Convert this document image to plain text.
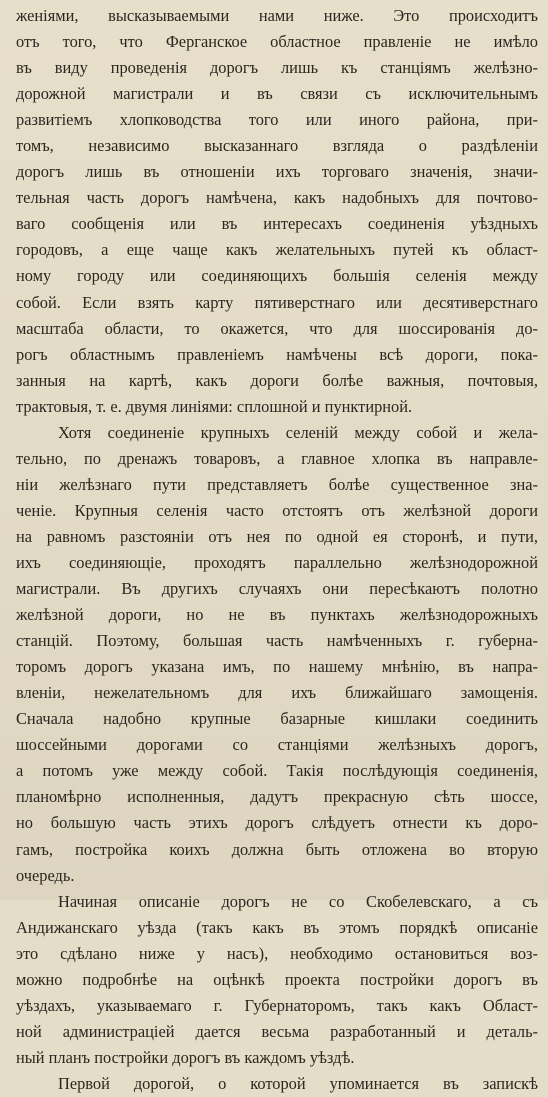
женіями, высказываемыми нами ниже. Это происходитъ
отъ того, что Ферганское областное правленіе не имѣло
въ виду проведенія дорогъ лишь къ станціямъ желѣзно-
дорожной магистрали и въ связи съ исключительнымъ
развитіемъ хлопководства того или иного района, при-
томъ, независимо высказаннаго взгляда о раздѣленіи
дорогъ лишь въ отношеніи ихъ торговаго значенія, значи-
тельная часть дорогъ намѣчена, какъ надобныхъ для почтово-
ваго сообщенія или въ интересахъ соединенія уѣздныхъ
городовъ, а еще чаще какъ желательныхъ путей къ област-
ному городу или соединяющихъ большія селенія между
собой. Если взять карту пятиверстнаго или десятиверстнаго
масштаба области, то окажется, что для шоссированія до-
рогъ областнымъ правленіемъ намѣчены всѣ дороги, пока-
занныя на картѣ, какъ дороги болѣе важныя, почтовыя,
трактовыя, т. е. двумя линіями: сплошной и пунктирной.
Хотя соединеніе крупныхъ селеній между собой и жела-
тельно, по дренажъ товаровъ, а главное хлопка въ направле-
ніи желѣзнаго пути представляетъ болѣе существенное зна-
ченіе. Крупныя селенія часто отстоятъ отъ желѣзной дороги
на равномъ разстояніи отъ нея по одной ея сторонѣ, и пути,
ихъ соединяющіе, проходятъ параллельно желѣзнодорожной
магистрали. Въ другихъ случаяхъ они пересѣкаютъ полотно
желѣзной дороги, но не въ пунктахъ желѣзнодорожныхъ
станцій. Поэтому, большая часть намѣченныхъ г. губерна-
торомъ дорогъ указана имъ, по нашему мнѣнію, въ напра-
вленіи, нежелательномъ для ихъ ближайшаго замощенія.
Сначала надобно крупные базарные кишлаки соединить
шоссейными дорогами со станціями желѣзныхъ дорогъ,
а потомъ уже между собой. Такія послѣдующія соединенія,
планомѣрно исполненныя, дадутъ прекрасную сѣть шоссе,
но большую часть этихъ дорогъ слѣдуетъ отнести къ доро-
гамъ, постройка коихъ должна быть отложена во вторую
очередь.
Начиная описаніе дорогъ не со Скобелевскаго, а съ
Андижанскаго уѣзда (такъ какъ въ этомъ порядкѣ описаніе
это сдѣлано ниже у насъ), необходимо остановиться воз-
можно подробнѣе на оцѣнкѣ проекта постройки дорогъ въ
уѣздахъ, указываемаго г. Губернаторомъ, такъ какъ Област-
ной администраціей дается весьма разработанный и деталь-
ный планъ постройки дорогъ въ каждомъ уѣздѣ.
Первой дорогой, о которой упоминается въ запискѣ
